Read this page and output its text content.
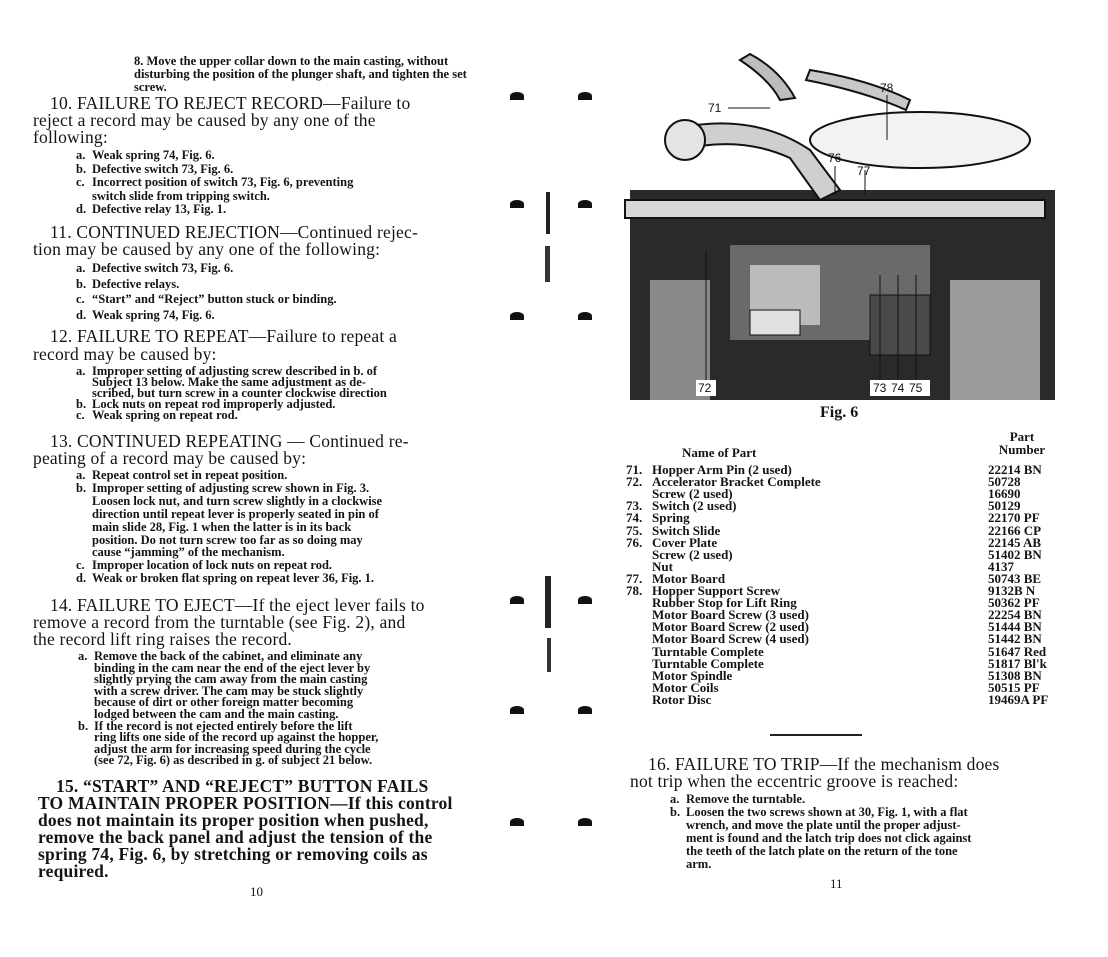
8. Move the upper collar down to the main casting, without disturbing the position of the plunger shaft, and tighten the set screw.
10. FAILURE TO REJECT RECORD—Failure to
reject a record may be caused by any one of the
following:
a. Weak spring 74, Fig. 6.
b. Defective switch 73, Fig. 6.
c. Incorrect position of switch 73, Fig. 6, preventing
switch slide from tripping switch.
d. Defective relay 13, Fig. 1.
11. CONTINUED REJECTION—Continued rejec-
tion may be caused by any one of the following:
a. Defective switch 73, Fig. 6.
b. Defective relays.
c. “Start” and “Reject” button stuck or binding.
d. Weak spring 74, Fig. 6.
12. FAILURE TO REPEAT—Failure to repeat a
record may be caused by:
a. Improper setting of adjusting screw described in b. of
Subject 13 below. Make the same adjustment as de-
scribed, but turn screw in a counter clockwise direction
b. Lock nuts on repeat rod improperly adjusted.
c. Weak spring on repeat rod.
13. CONTINUED REPEATING — Continued re-
peating of a record may be caused by:
a. Repeat control set in repeat position.
b. Improper setting of adjusting screw shown in Fig. 3.
Loosen lock nut, and turn screw slightly in a clockwise
direction until repeat lever is properly seated in pin of
main slide 28, Fig. 1 when the latter is in its back
position. Do not turn screw too far as so doing may
cause “jamming” of the mechanism.
c. Improper location of lock nuts on repeat rod.
d. Weak or broken flat spring on repeat lever 36, Fig. 1.
14. FAILURE TO EJECT—If the eject lever fails to
remove a record from the turntable (see Fig. 2), and
the record lift ring raises the record.
a. Remove the back of the cabinet, and eliminate any
binding in the cam near the end of the eject lever by
slightly prying the cam away from the main casting
with a screw driver. The cam may be stuck slightly
because of dirt or other foreign matter becoming
lodged between the cam and the main casting.
b. If the record is not ejected entirely before the lift
ring lifts one side of the record up against the hopper,
adjust the arm for increasing speed during the cycle
(see 72, Fig. 6) as described in g. of subject 21 below.
15. “START” AND “REJECT” BUTTON FAILS
TO MAINTAIN PROPER POSITION—If this control
does not maintain its proper position when pushed,
remove the back panel and adjust the tension of the
spring 74, Fig. 6, by stretching or removing coils as
required.
10
71
78
76
77
72	73 74 75
Fig. 6
Name of Part
Part
Number
71. Hopper Arm Pin (2 used)	22214 BN
72. Accelerator Bracket Complete	50728
Screw (2 used)	16690
73. Switch (2 used)	50129
74. Spring	22170 PF
75. Switch Slide	22166 CP
76. Cover Plate	22145 AB
Screw (2 used)	51402 BN
Nut	4137
77. Motor Board	50743 BE
78. Hopper Support Screw	9132B N
Rubber Stop for Lift Ring	50362 PF
Motor Board Screw (3 used)	22254 BN
Motor Board Screw (2 used)	51444 BN
Motor Board Screw (4 used)	51442 BN
Turntable Complete	51647 Red
Turntable Complete	51817 Bl'k
Motor Spindle	51308 BN
Motor Coils	50515 PF
Rotor Disc	19469A PF
16. FAILURE TO TRIP—If the mechanism does
not trip when the eccentric groove is reached:
a. Remove the turntable.
b. Loosen the two screws shown at 30, Fig. 1, with a flat
wrench, and move the plate until the proper adjust-
ment is found and the latch trip does not click against
the teeth of the latch plate on the return of the tone
arm.
11
